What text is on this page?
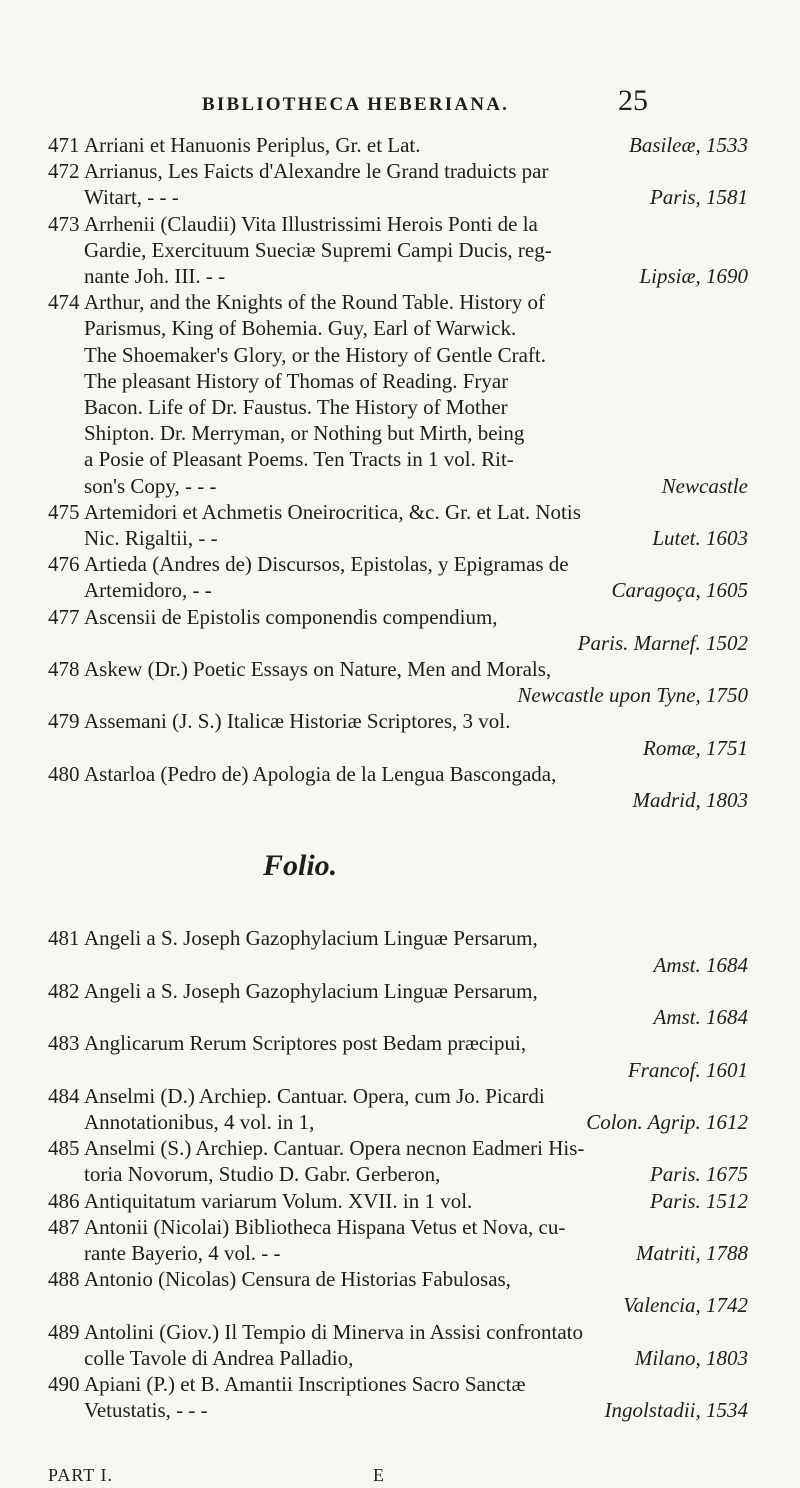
BIBLIOTHECA HEBERIANA.	25
471 Arriani et Hanuonis Periplus, Gr. et Lat.	Basileæ, 1533
472 Arrianus, Les Faicts d'Alexandre le Grand traduicts par
Witart, - - -	Paris, 1581
473 Arrhenii (Claudii) Vita Illustrissimi Herois Ponti de la
Gardie, Exercituum Sueciæ Supremi Campi Ducis, reg-
nante Joh. III. - -	Lipsiæ, 1690
474 Arthur, and the Knights of the Round Table. History of
Parismus, King of Bohemia. Guy, Earl of Warwick.
The Shoemaker's Glory, or the History of Gentle Craft.
The pleasant History of Thomas of Reading. Fryar
Bacon. Life of Dr. Faustus. The History of Mother
Shipton. Dr. Merryman, or Nothing but Mirth, being
a Posie of Pleasant Poems. Ten Tracts in 1 vol. Rit-
son's Copy, - - -	Newcastle
475 Artemidori et Achmetis Oneirocritica, &c. Gr. et Lat. Notis
Nic. Rigaltii, - -	Lutet. 1603
476 Artieda (Andres de) Discursos, Epistolas, y Epigramas de
Artemidoro, - -	Caragoça, 1605
477 Ascensii de Epistolis componendis compendium,
Paris. Marnef. 1502
478 Askew (Dr.) Poetic Essays on Nature, Men and Morals,
Newcastle upon Tyne, 1750
479 Assemani (J. S.) Italicæ Historiæ Scriptores, 3 vol.
Romæ, 1751
480 Astarloa (Pedro de) Apologia de la Lengua Bascongada,
Madrid, 1803
Folio.
481 Angeli a S. Joseph Gazophylacium Linguæ Persarum,
Amst. 1684
482 Angeli a S. Joseph Gazophylacium Linguæ Persarum,
Amst. 1684
483 Anglicarum Rerum Scriptores post Bedam præcipui,
Francof. 1601
484 Anselmi (D.) Archiep. Cantuar. Opera, cum Jo. Picardi
Annotationibus, 4 vol. in 1,	Colon. Agrip. 1612
485 Anselmi (S.) Archiep. Cantuar. Opera necnon Eadmeri His-
toria Novorum, Studio D. Gabr. Gerberon,	Paris. 1675
486 Antiquitatum variarum Volum. XVII. in 1 vol.	Paris. 1512
487 Antonii (Nicolai) Bibliotheca Hispana Vetus et Nova, cu-
rante Bayerio, 4 vol. - -	Matriti, 1788
488 Antonio (Nicolas) Censura de Historias Fabulosas,
Valencia, 1742
489 Antolini (Giov.) Il Tempio di Minerva in Assisi confrontato
colle Tavole di Andrea Palladio,	Milano, 1803
490 Apiani (P.) et B. Amantii Inscriptiones Sacro Sanctæ
Vetustatis, - - -	Ingolstadii, 1534
PART I.	E
